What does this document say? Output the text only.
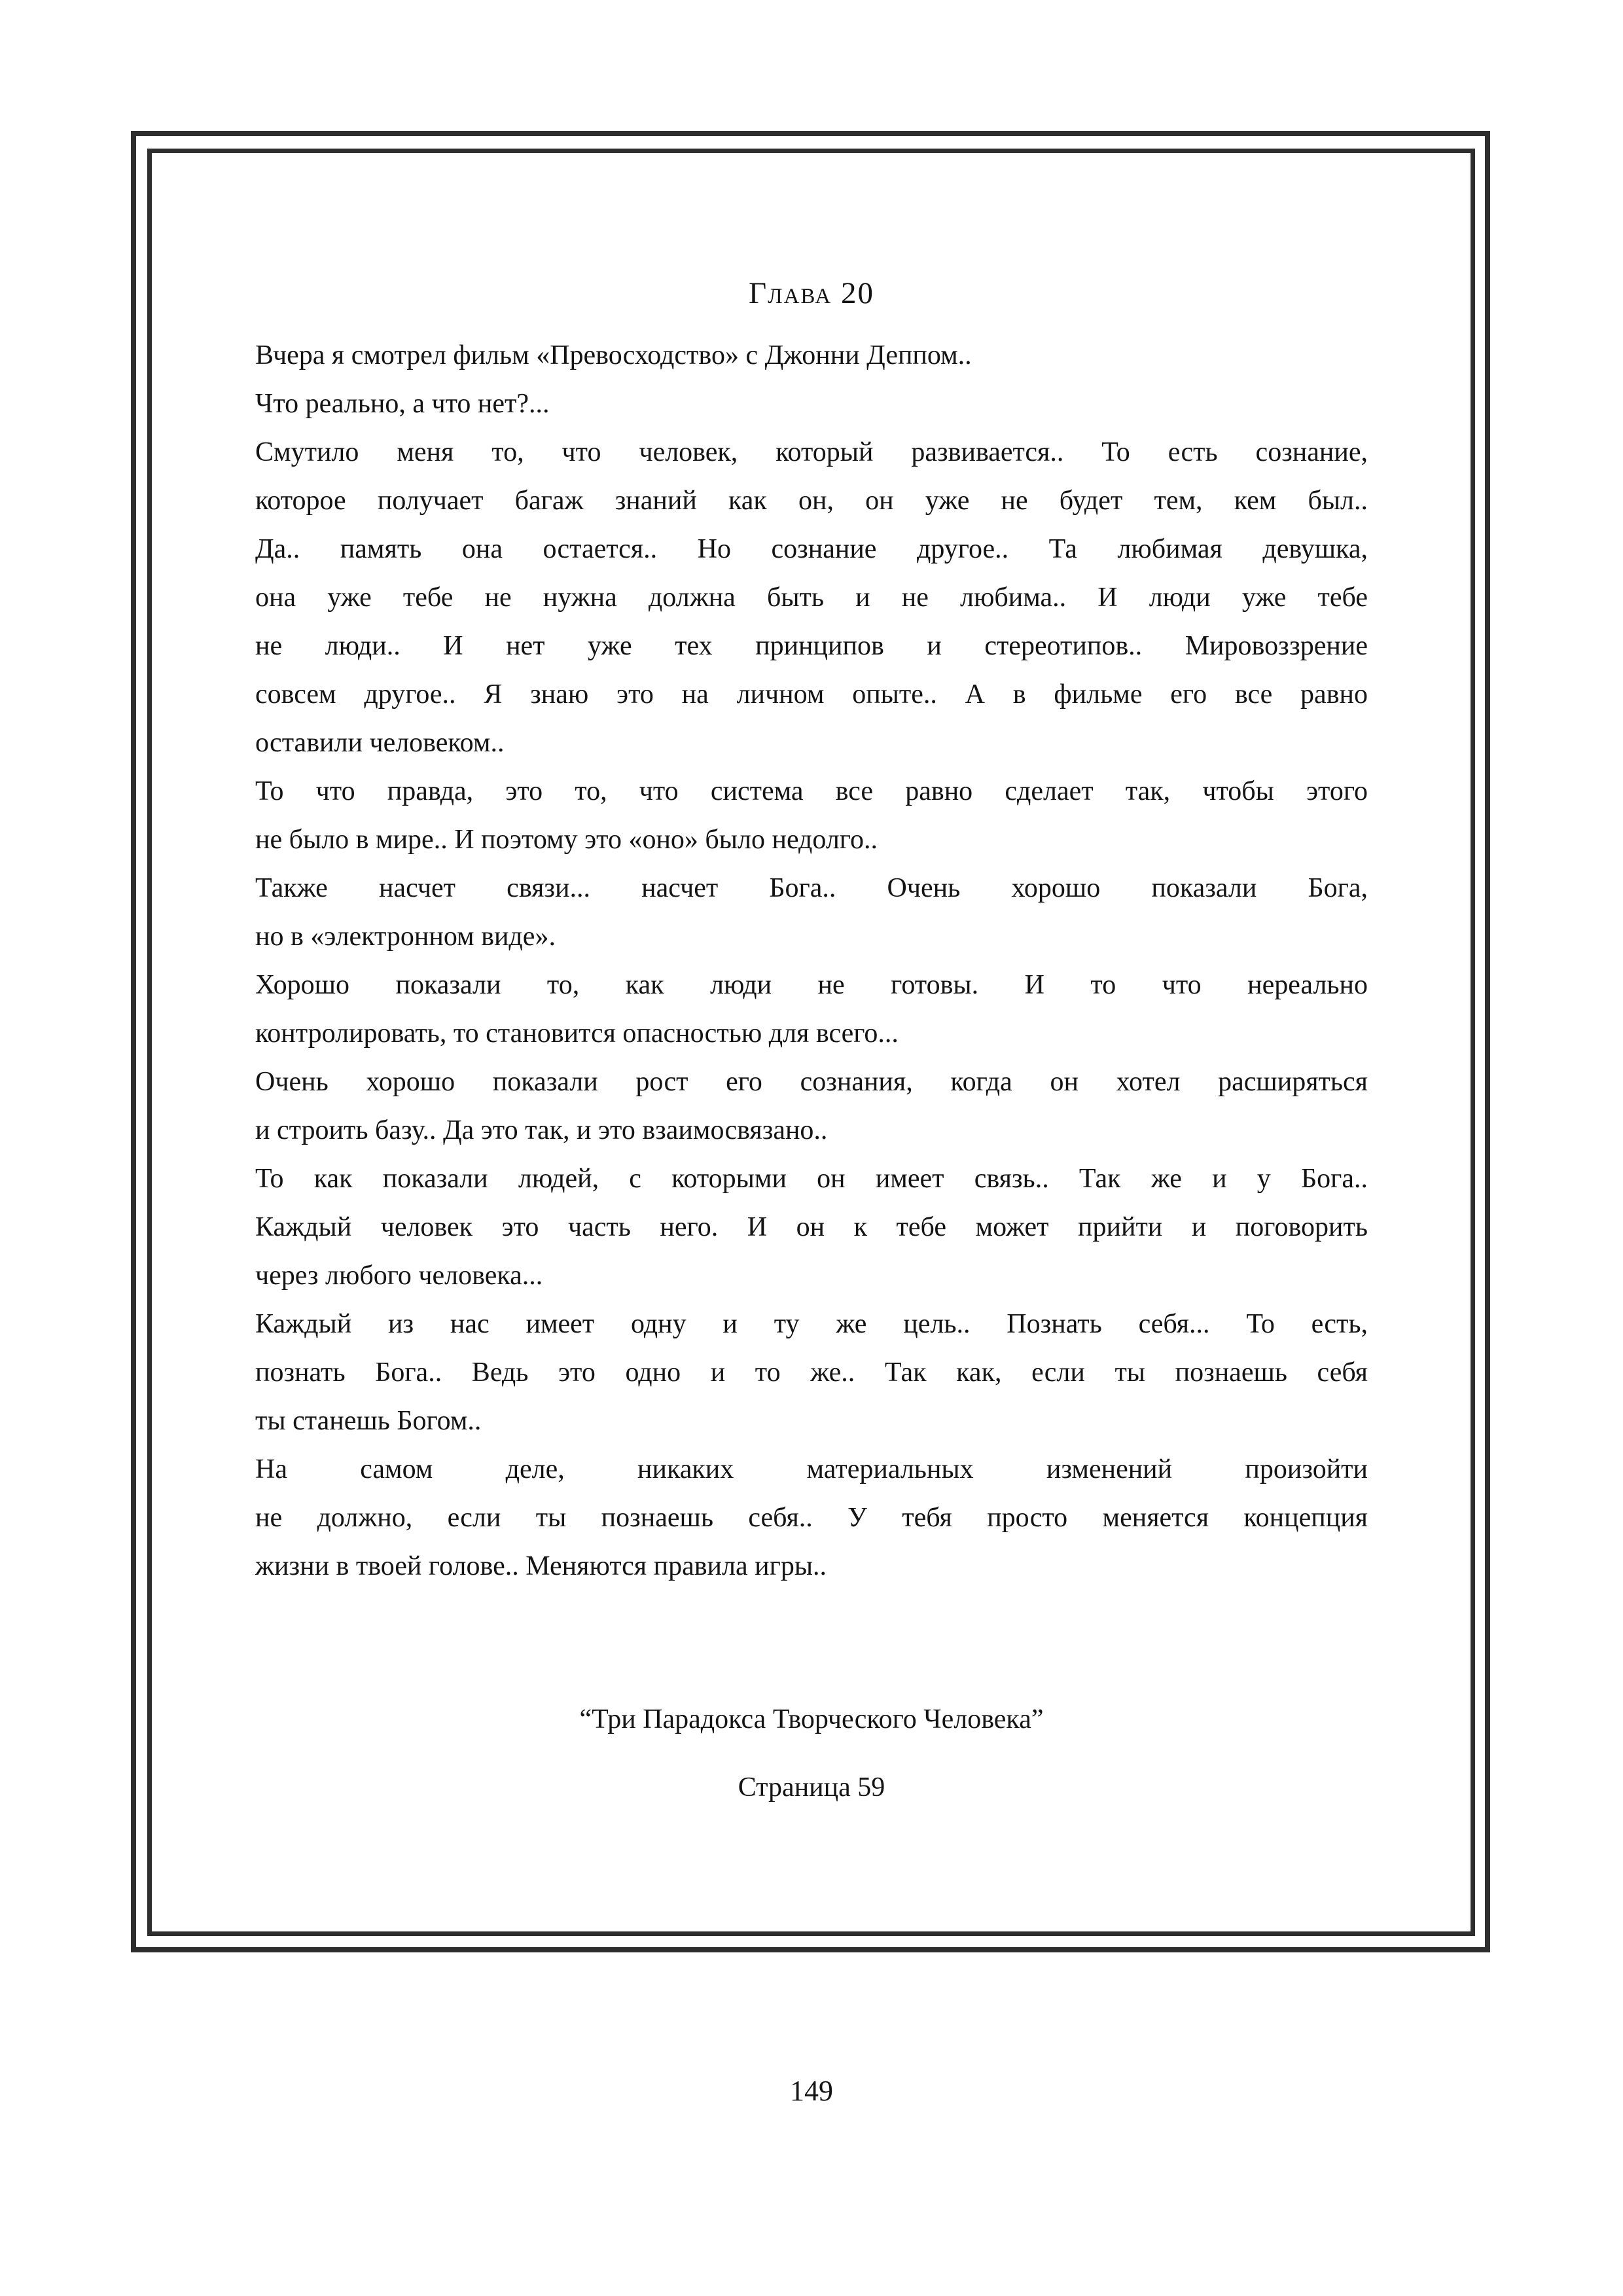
Глава 20
Вчера я смотрел фильм «Превосходство» с Джонни Деппом..
Что реально, а что нет?...
Смутило меня то, что человек, который развивается.. То есть сознание,
которое получает багаж знаний как он, он уже не будет тем, кем был..
Да.. память она остается.. Но сознание другое.. Та любимая девушка,
она уже тебе не нужна должна быть и не любима.. И люди уже тебе
не люди.. И нет уже тех принципов и стереотипов.. Мировоззрение
совсем другое.. Я знаю это на личном опыте.. А в фильме его все равно
оставили человеком..
То что правда, это то, что система все равно сделает так, чтобы этого
не было в мире.. И поэтому это «оно» было недолго..
Также насчет связи... насчет Бога.. Очень хорошо показали Бога,
но в «электронном виде».
Хорошо показали то, как люди не готовы. И то что нереально
контролировать, то становится опасностью для всего...
Очень хорошо показали рост его сознания, когда он хотел расширяться
и строить базу.. Да это так, и это взаимосвязано..
То как показали людей, с которыми он имеет связь.. Так же и у Бога..
Каждый человек это часть него. И он к тебе может прийти и поговорить
через любого человека...
Каждый из нас имеет одну и ту же цель.. Познать себя... То есть,
познать Бога.. Ведь это одно и то же.. Так как, если ты познаешь себя
ты станешь Богом..
На самом деле, никаких материальных изменений произойти
не должно, если ты познаешь себя.. У тебя просто меняется концепция
жизни в твоей голове.. Меняются правила игры..
“Три Парадокса Творческого Человека”
Страница 59
149
